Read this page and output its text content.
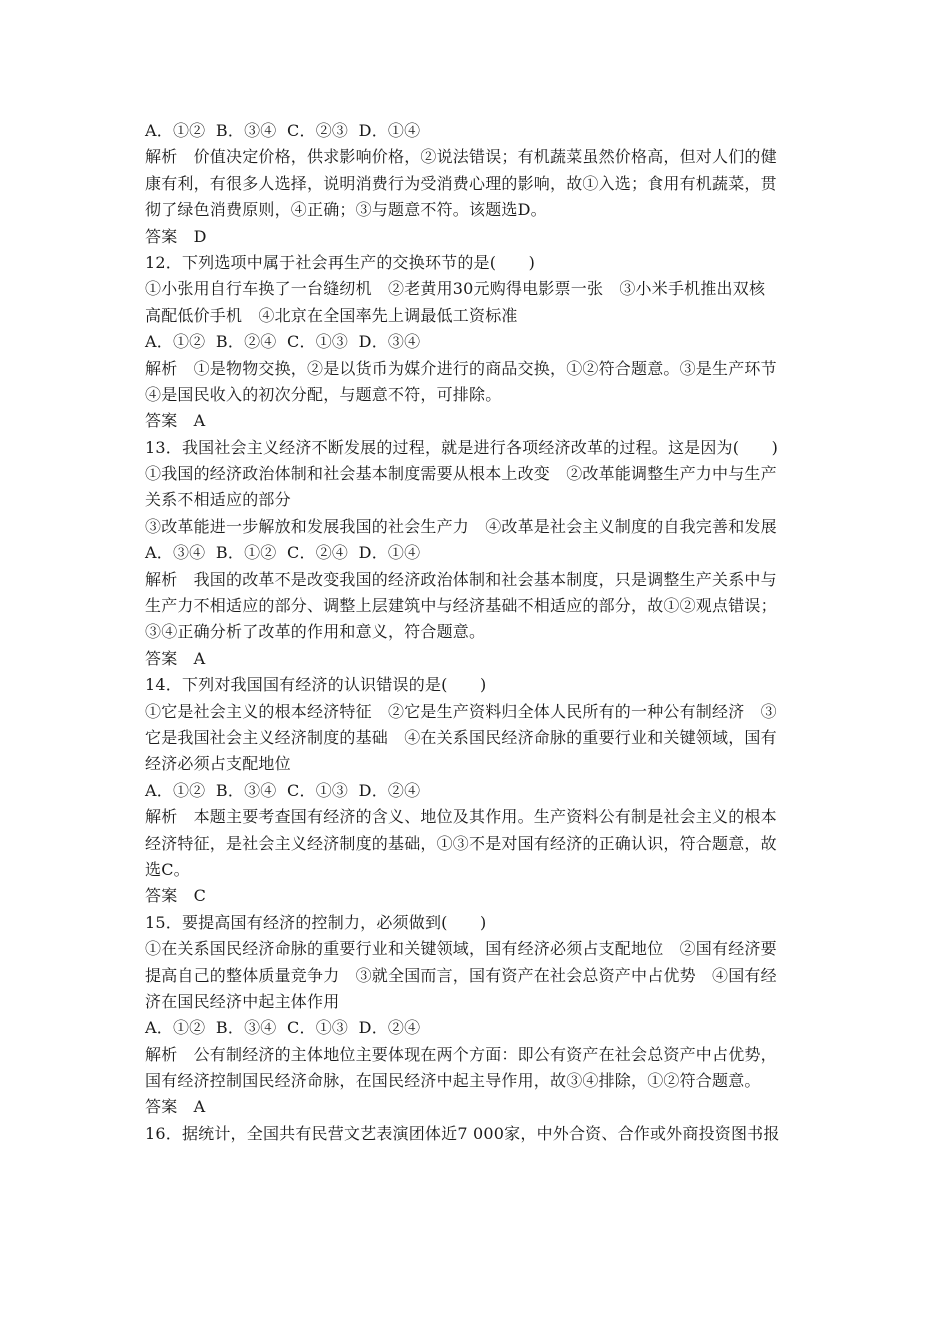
A．①②  B．③④  C．②③  D．①④
解析　价值决定价格，供求影响价格，②说法错误；有机蔬菜虽然价格高，但对人们的健
康有利，有很多人选择，说明消费行为受消费心理的影响，故①入选；食用有机蔬菜，贯
彻了绿色消费原则，④正确；③与题意不符。该题选D。
答案　D
12．下列选项中属于社会再生产的交换环节的是(　　)
①小张用自行车换了一台缝纫机　②老黄用30元购得电影票一张　③小米手机推出双核
高配低价手机　④北京在全国率先上调最低工资标准
A．①②  B．②④  C．①③  D．③④
解析　①是物物交换，②是以货币为媒介进行的商品交换，①②符合题意。③是生产环节
④是国民收入的初次分配，与题意不符，可排除。
答案　A
13．我国社会主义经济不断发展的过程，就是进行各项经济改革的过程。这是因为(　　)
①我国的经济政治体制和社会基本制度需要从根本上改变　②改革能调整生产力中与生产
关系不相适应的部分
③改革能进一步解放和发展我国的社会生产力　④改革是社会主义制度的自我完善和发展
A．③④  B．①②  C．②④  D．①④
解析　我国的改革不是改变我国的经济政治体制和社会基本制度，只是调整生产关系中与
生产力不相适应的部分、调整上层建筑中与经济基础不相适应的部分，故①②观点错误；
③④正确分析了改革的作用和意义，符合题意。
答案　A
14．下列对我国国有经济的认识错误的是(　　)
①它是社会主义的根本经济特征　②它是生产资料归全体人民所有的一种公有制经济　③
它是我国社会主义经济制度的基础　④在关系国民经济命脉的重要行业和关键领域，国有
经济必须占支配地位
A．①②  B．③④  C．①③  D．②④
解析　本题主要考查国有经济的含义、地位及其作用。生产资料公有制是社会主义的根本
经济特征，是社会主义经济制度的基础，①③不是对国有经济的正确认识，符合题意，故
选C。
答案　C
15．要提高国有经济的控制力，必须做到(　　)
①在关系国民经济命脉的重要行业和关键领域，国有经济必须占支配地位　②国有经济要
提高自己的整体质量竞争力　③就全国而言，国有资产在社会总资产中占优势　④国有经
济在国民经济中起主体作用
A．①②  B．③④  C．①③  D．②④
解析　公有制经济的主体地位主要体现在两个方面：即公有资产在社会总资产中占优势，
国有经济控制国民经济命脉，在国民经济中起主导作用，故③④排除，①②符合题意。
答案　A
16．据统计，全国共有民营文艺表演团体近7 000家，中外合资、合作或外商投资图书报
